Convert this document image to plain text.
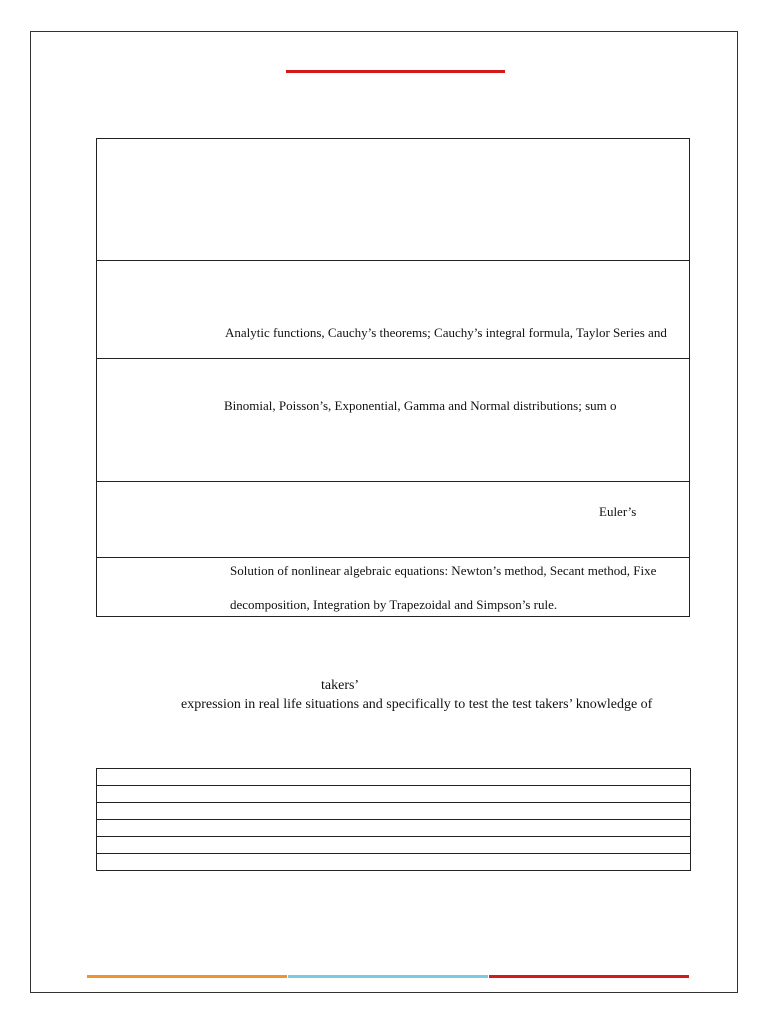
Analytic functions, Cauchy’s theorems; Cauchy’s integral formula, Taylor Series and
Binomial, Poisson’s, Exponential, Gamma and Normal distributions; sum o
Euler’s
Solution of nonlinear algebraic equations: Newton’s method, Secant method, Fixe
decomposition, Integration by Trapezoidal and Simpson’s rule.
takers’
expression in real life situations and specifically to test the test takers’ knowledge of
